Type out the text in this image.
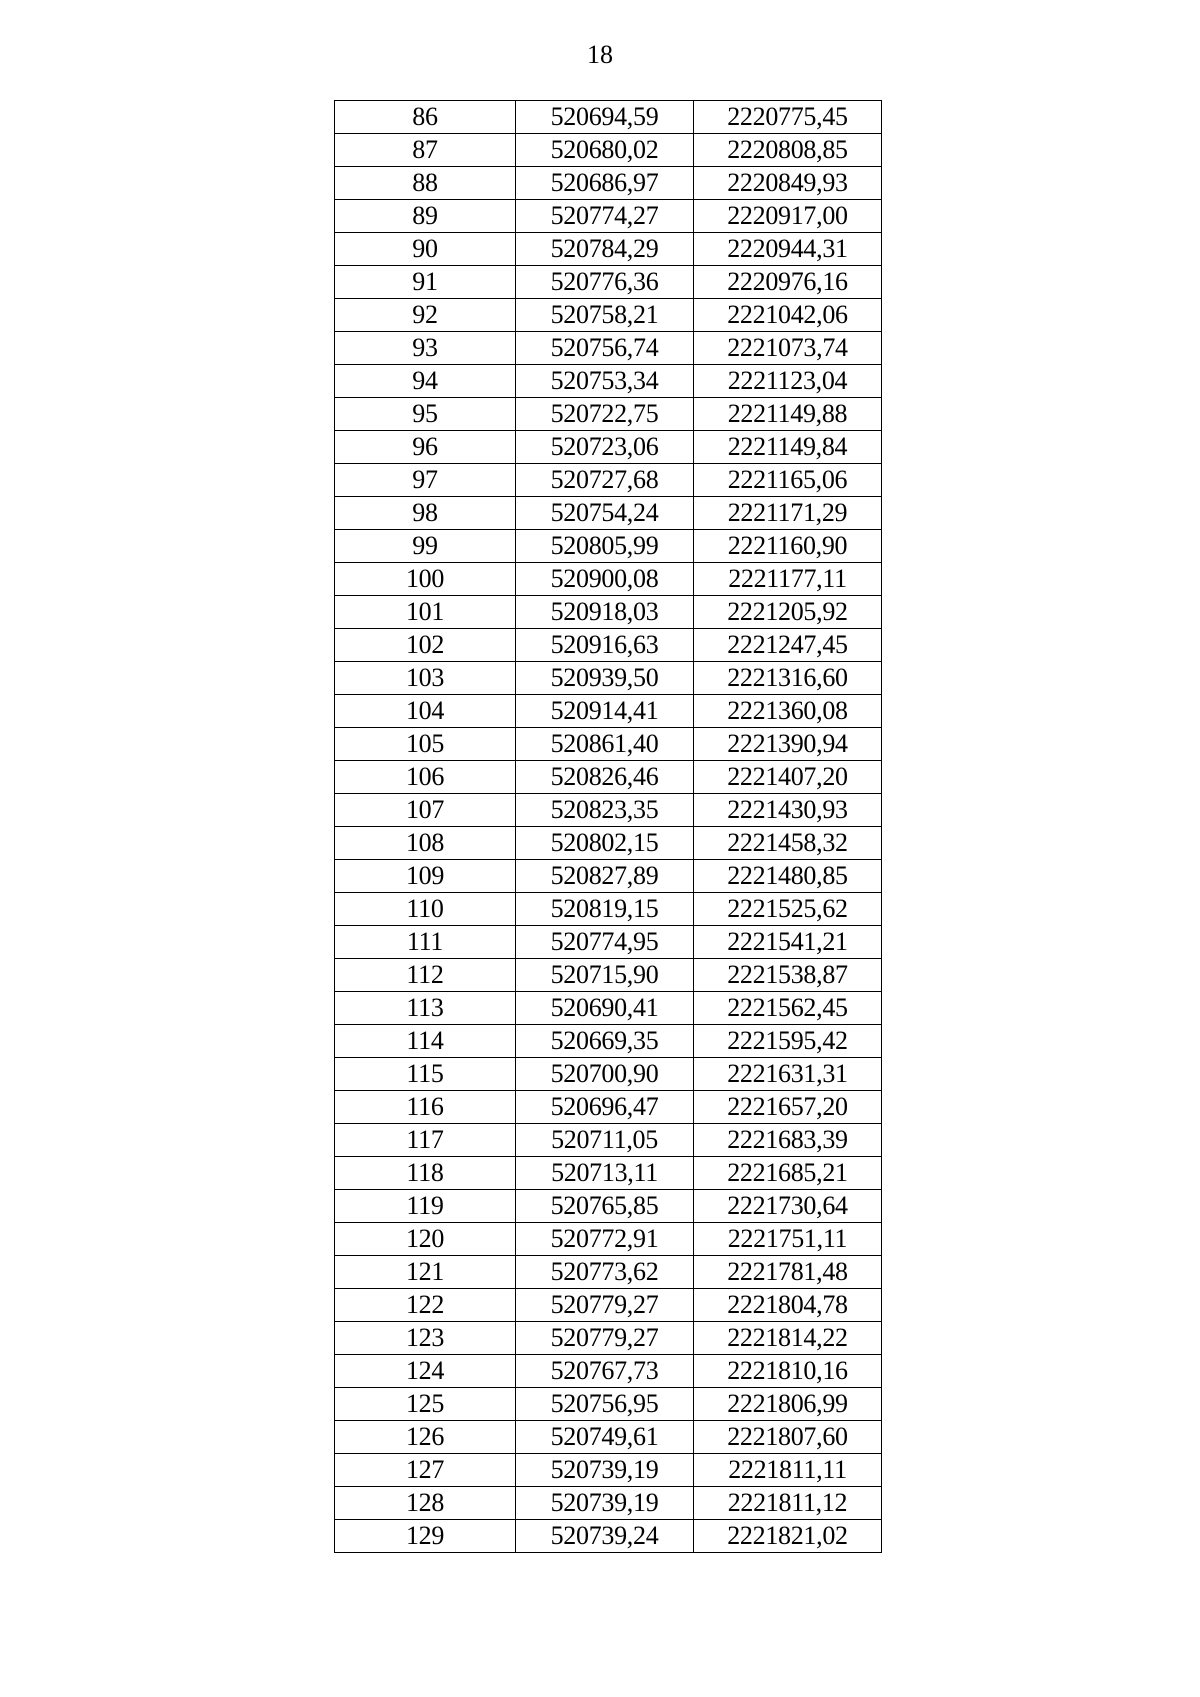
18
86	520694,59	2220775,45
87	520680,02	2220808,85
88	520686,97	2220849,93
89	520774,27	2220917,00
90	520784,29	2220944,31
91	520776,36	2220976,16
92	520758,21	2221042,06
93	520756,74	2221073,74
94	520753,34	2221123,04
95	520722,75	2221149,88
96	520723,06	2221149,84
97	520727,68	2221165,06
98	520754,24	2221171,29
99	520805,99	2221160,90
100	520900,08	2221177,11
101	520918,03	2221205,92
102	520916,63	2221247,45
103	520939,50	2221316,60
104	520914,41	2221360,08
105	520861,40	2221390,94
106	520826,46	2221407,20
107	520823,35	2221430,93
108	520802,15	2221458,32
109	520827,89	2221480,85
110	520819,15	2221525,62
111	520774,95	2221541,21
112	520715,90	2221538,87
113	520690,41	2221562,45
114	520669,35	2221595,42
115	520700,90	2221631,31
116	520696,47	2221657,20
117	520711,05	2221683,39
118	520713,11	2221685,21
119	520765,85	2221730,64
120	520772,91	2221751,11
121	520773,62	2221781,48
122	520779,27	2221804,78
123	520779,27	2221814,22
124	520767,73	2221810,16
125	520756,95	2221806,99
126	520749,61	2221807,60
127	520739,19	2221811,11
128	520739,19	2221811,12
129	520739,24	2221821,02
